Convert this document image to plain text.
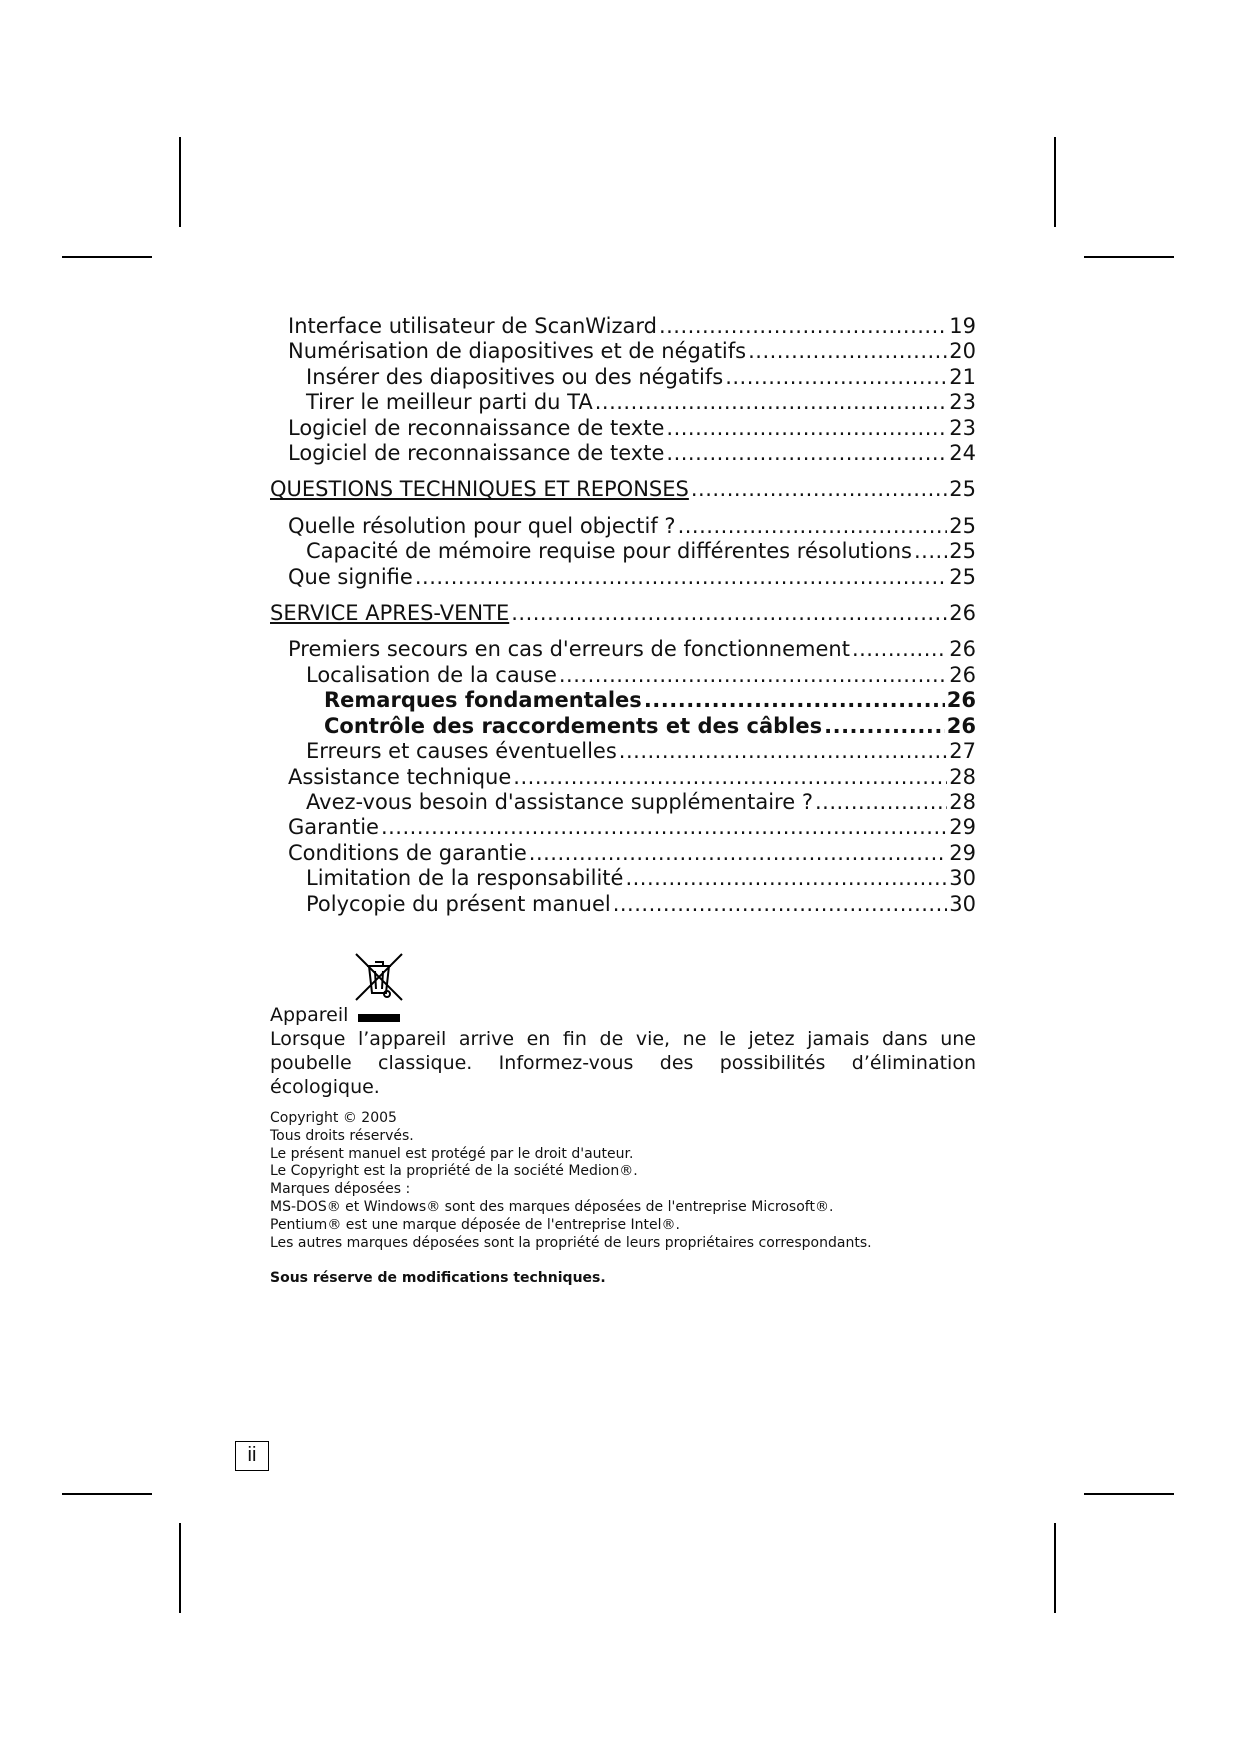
Interface utilisateur de ScanWizard .....	19
Numérisation de diapositives et de négatifs .....	20
Insérer des diapositives ou des négatifs .....	21
Tirer le meilleur parti du TA .....	23
Logiciel de reconnaissance de texte .....	23
Logiciel de reconnaissance de texte .....	24
QUESTIONS TECHNIQUES ET REPONSES .....	25
Quelle résolution pour quel objectif ? .....	25
Capacité de mémoire requise pour différentes résolutions ..... 25
Que signifie .....	25
SERVICE APRES-VENTE .....	26
Premiers secours en cas d'erreurs de fonctionnement .....	26
Localisation de la cause .....	26
Remarques fondamentales .....	26
Contrôle des raccordements et des câbles .....	26
Erreurs et causes éventuelles .....	27
Assistance technique .....	28
Avez-vous besoin d'assistance supplémentaire ? .....	28
Garantie .....	29
Conditions de garantie .....	29
Limitation de la responsabilité .....	30
Polycopie du présent manuel .....	30
Appareil
Lorsque l’appareil arrive en fin de vie, ne le jetez jamais dans une poubelle classique. Informez-vous des possibilités d’élimination écologique.
Copyright © 2005
Tous droits réservés.
Le présent manuel est protégé par le droit d'auteur.
Le Copyright est la propriété de la société Medion®.
Marques déposées :
MS-DOS® et Windows® sont des marques déposées de l'entreprise Microsoft®.
Pentium® est une marque déposée de l'entreprise Intel®.
Les autres marques déposées sont la propriété de leurs propriétaires correspondants.
Sous réserve de modifications techniques.
ii
